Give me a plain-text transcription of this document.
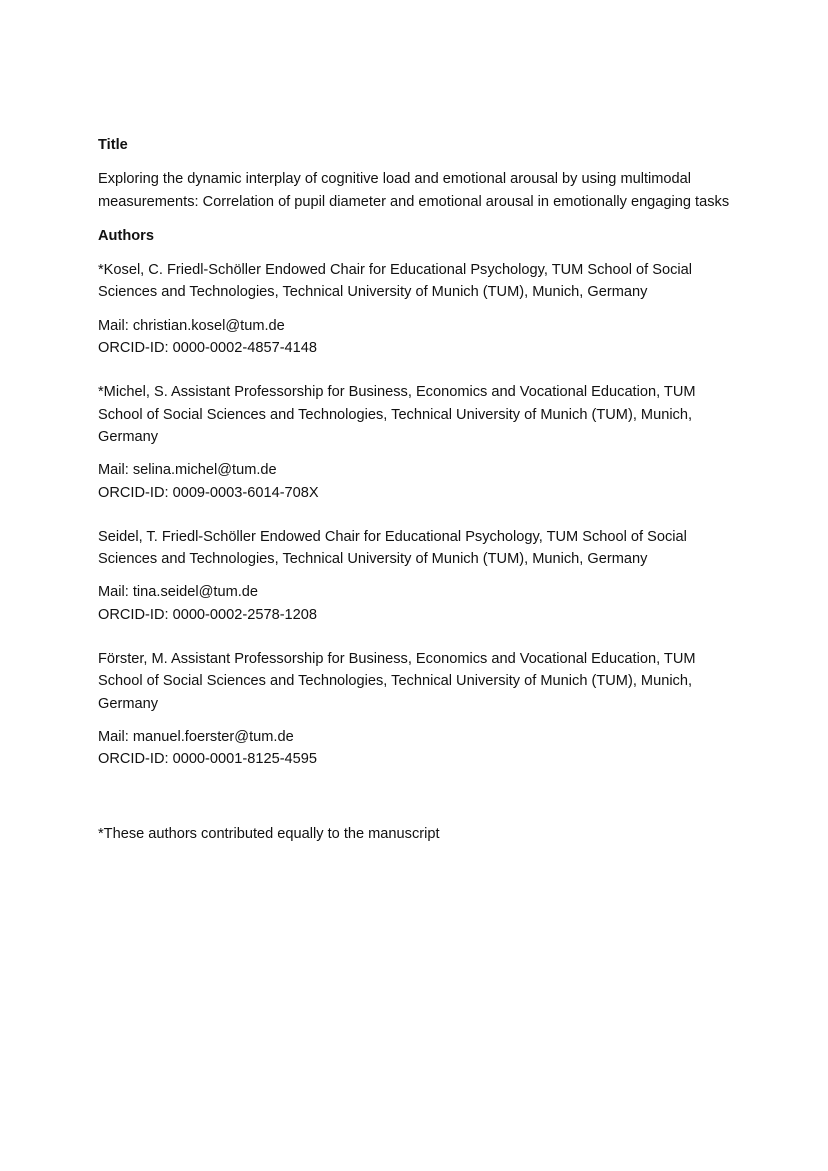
Title

Exploring the dynamic interplay of cognitive load and emotional arousal by using multimodal measurements: Correlation of pupil diameter and emotional arousal in emotionally engaging tasks

Authors

*Kosel, C. Friedl-Schöller Endowed Chair for Educational Psychology, TUM School of Social Sciences and Technologies, Technical University of Munich (TUM), Munich, Germany

Mail: christian.kosel@tum.de
ORCID-ID: 0000-0002-4857-4148

*Michel, S. Assistant Professorship for Business, Economics and Vocational Education, TUM School of Social Sciences and Technologies, Technical University of Munich (TUM), Munich, Germany

Mail: selina.michel@tum.de
ORCID-ID: 0009-0003-6014-708X

Seidel, T. Friedl-Schöller Endowed Chair for Educational Psychology, TUM School of Social Sciences and Technologies, Technical University of Munich (TUM), Munich, Germany

Mail: tina.seidel@tum.de
ORCID-ID: 0000-0002-2578-1208

Förster, M. Assistant Professorship for Business, Economics and Vocational Education, TUM School of Social Sciences and Technologies, Technical University of Munich (TUM), Munich, Germany

Mail: manuel.foerster@tum.de
ORCID-ID: 0000-0001-8125-4595

*These authors contributed equally to the manuscript
